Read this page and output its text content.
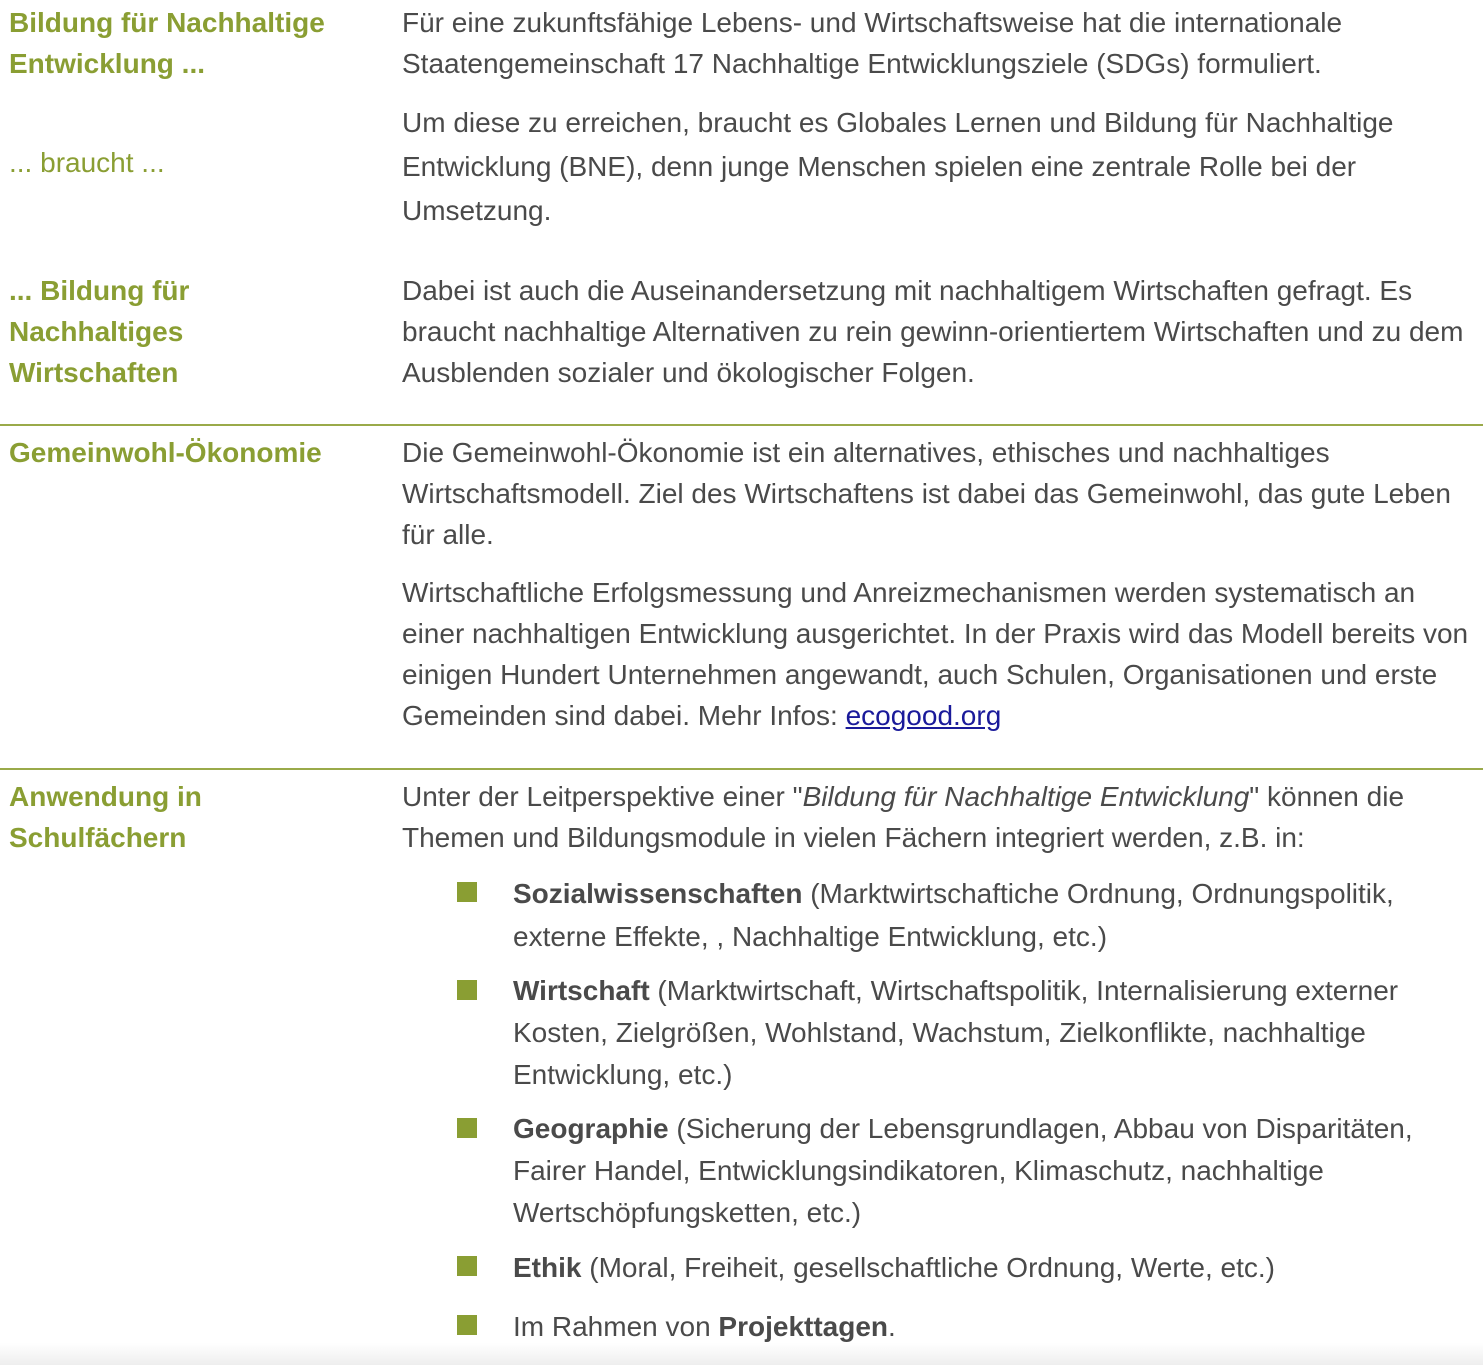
Bildung für Nachhaltige Entwicklung ...
... braucht ...
... Bildung für Nachhaltiges Wirtschaften

Für eine zukunftsfähige Lebens- und Wirtschaftsweise hat die internationale Staatengemeinschaft 17 Nachhaltige Entwicklungsziele (SDGs) formuliert.

Um diese zu erreichen, braucht es Globales Lernen und Bildung für Nachhaltige Entwicklung (BNE), denn junge Menschen spielen eine zentrale Rolle bei der Umsetzung.

Dabei ist auch die Auseinandersetzung mit nachhaltigem Wirtschaften gefragt. Es braucht nachhaltige Alternativen zu rein gewinn-orientiertem Wirtschaften und zu dem Ausblenden sozialer und ökologischer Folgen.

Gemeinwohl-Ökonomie	Die Gemeinwohl-Ökonomie ist ein alternatives, ethisches und nachhaltiges Wirtschaftsmodell. Ziel des Wirtschaftens ist dabei das Gemeinwohl, das gute Leben für alle.

Wirtschaftliche Erfolgsmessung und Anreizmechanismen werden systematisch an einer nachhaltigen Entwicklung ausgerichtet. In der Praxis wird das Modell bereits von einigen Hundert Unternehmen angewandt, auch Schulen, Organisationen und erste Gemeinden sind dabei. Mehr Infos: ecogood.org

Anwendung in Schulfächern

Unter der Leitperspektive einer "Bildung für Nachhaltige Entwicklung" können die Themen und Bildungsmodule in vielen Fächern integriert werden, z.B. in:

Sozialwissenschaften (Marktwirtschaftiche Ordnung, Ordnungspolitik, externe Effekte, , Nachhaltige Entwicklung, etc.)
Wirtschaft (Marktwirtschaft, Wirtschaftspolitik, Internalisierung externer Kosten, Zielgrößen, Wohlstand, Wachstum, Zielkonflikte, nachhaltige Entwicklung, etc.)
Geographie (Sicherung der Lebensgrundlagen, Abbau von Disparitäten, Fairer Handel, Entwicklungsindikatoren, Klimaschutz, nachhaltige Wertschöpfungsketten, etc.)
Ethik (Moral, Freiheit, gesellschaftliche Ordnung, Werte, etc.)
Im Rahmen von Projekttagen.
